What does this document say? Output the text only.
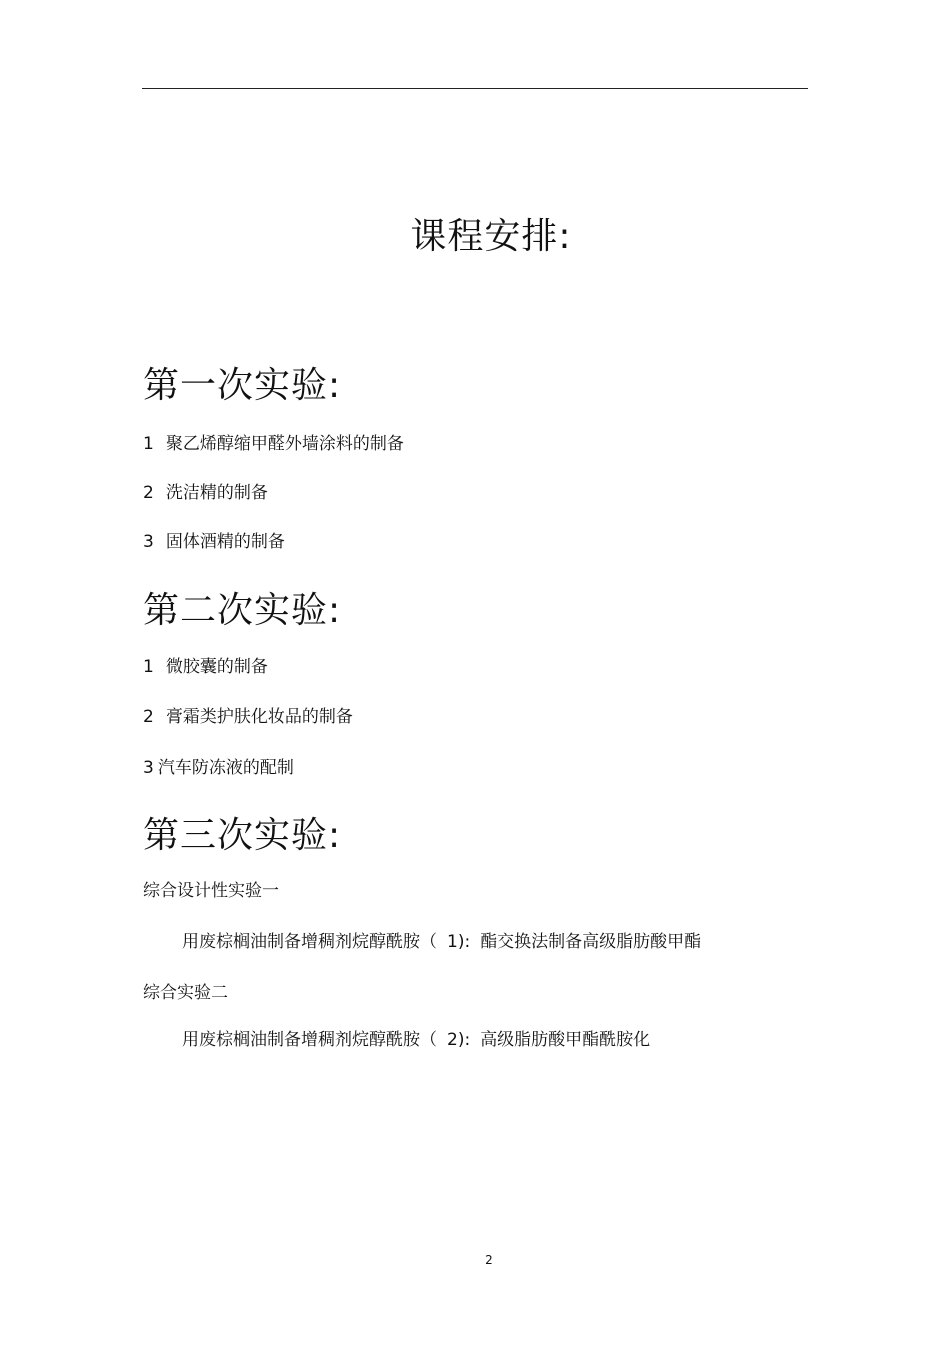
课程安排:
第一次实验:
1 聚乙烯醇缩甲醛外墙涂料的制备
2 洗洁精的制备
3 固体酒精的制备
第二次实验:
1 微胶囊的制备
2 膏霜类护肤化妆品的制备
3 汽车防冻液的配制
第三次实验:
综合设计性实验一
用废棕榈油制备增稠剂烷醇酰胺（ 1): 酯交换法制备高级脂肪酸甲酯
综合实验二
用废棕榈油制备增稠剂烷醇酰胺（ 2): 高级脂肪酸甲酯酰胺化
2
